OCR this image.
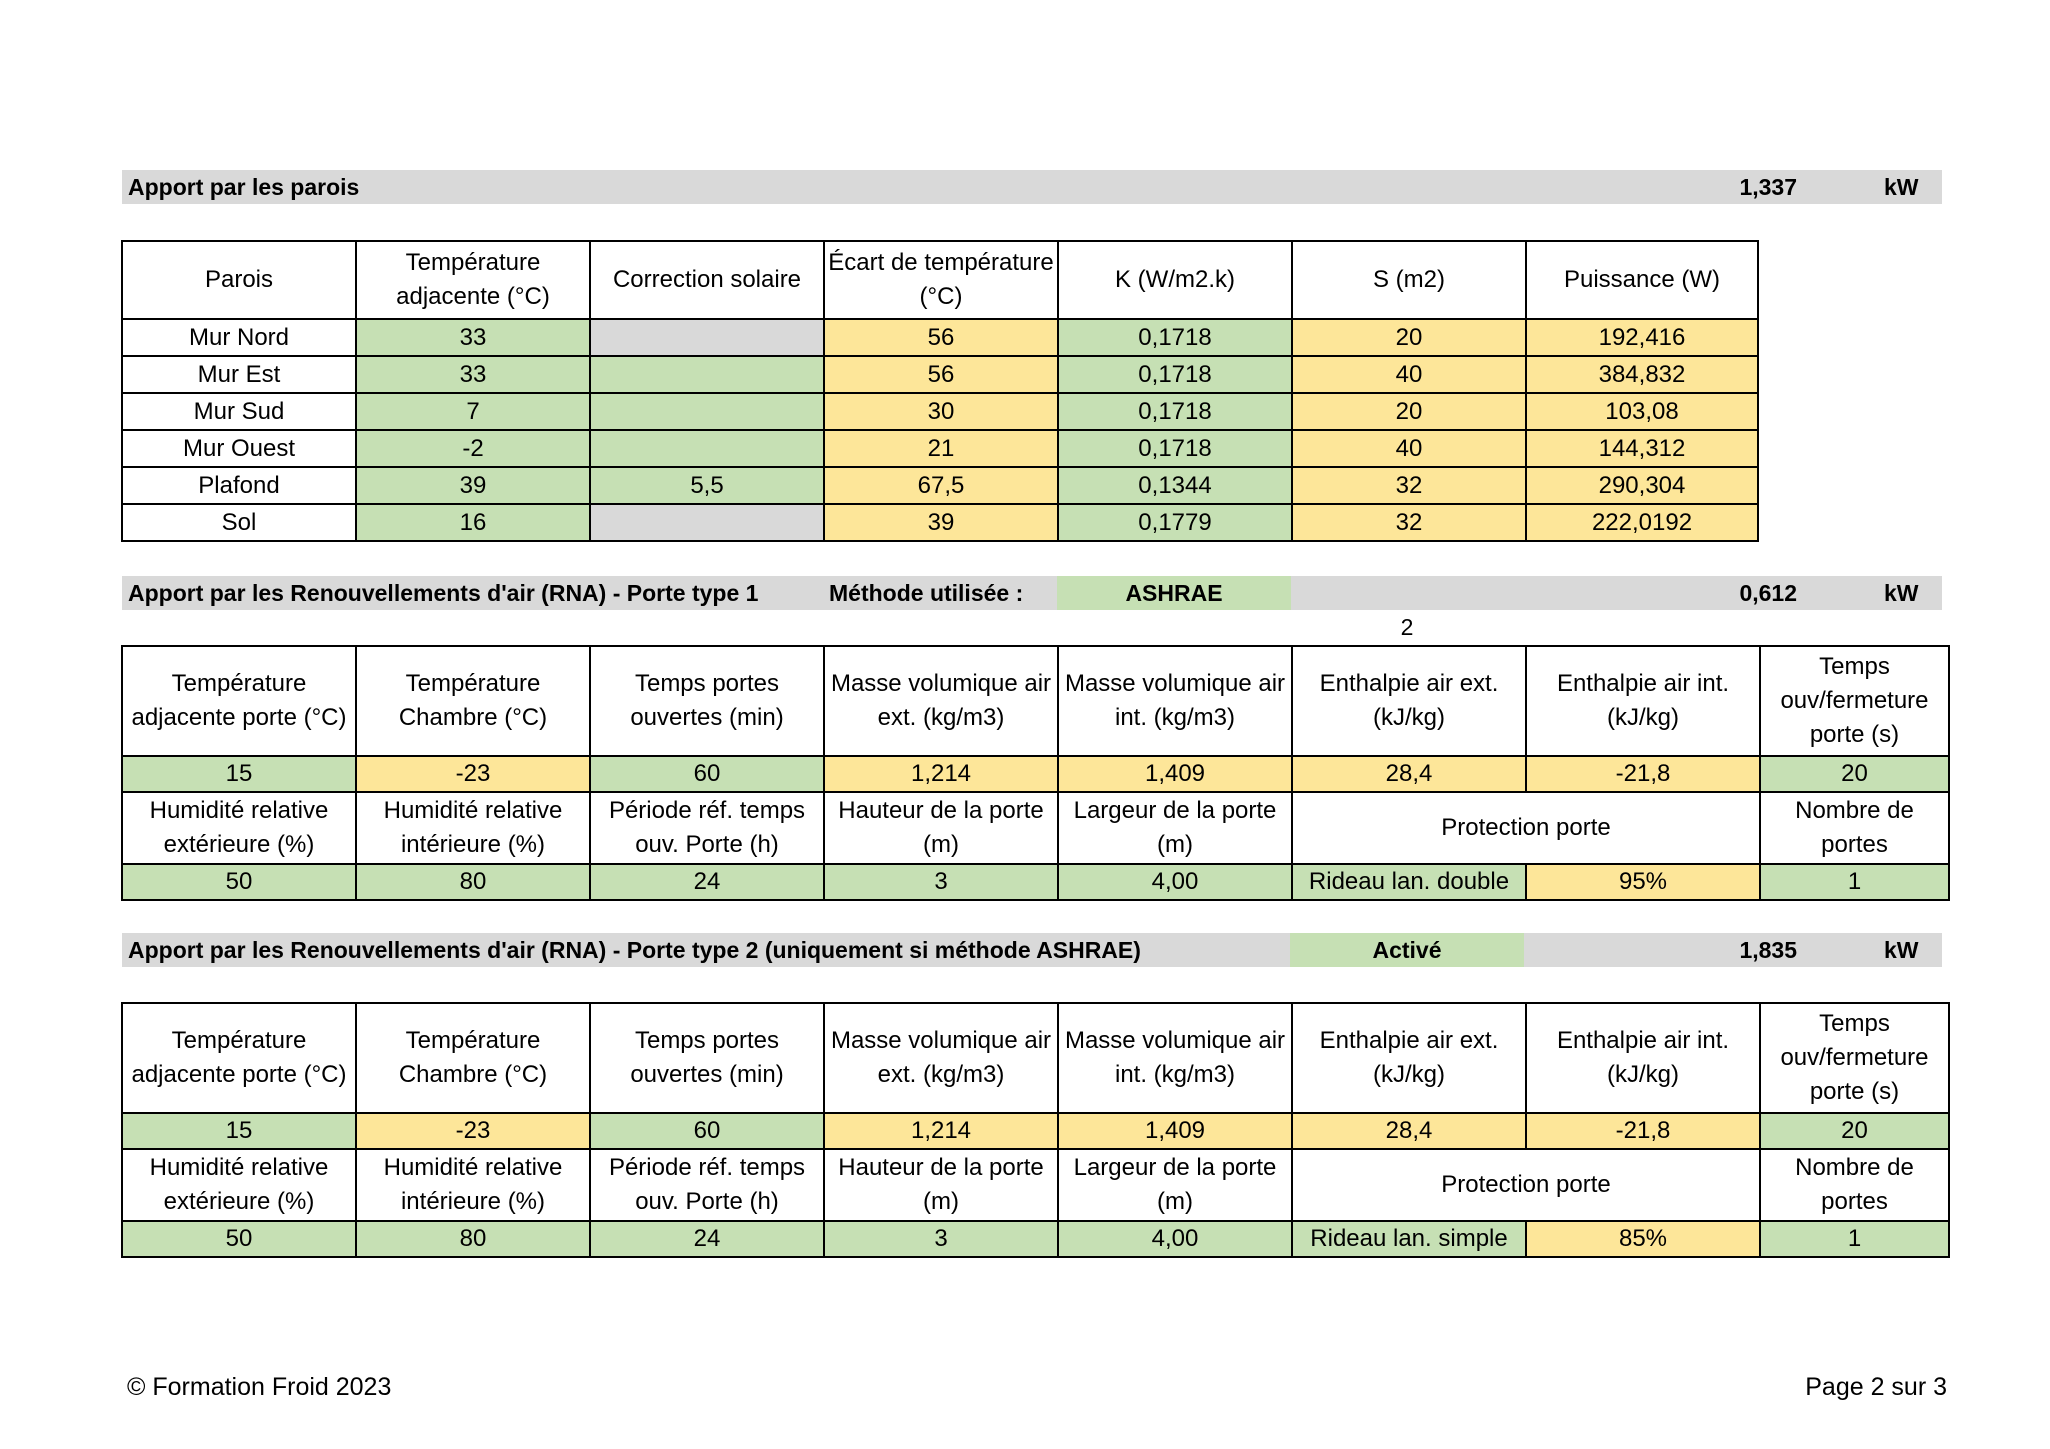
Apport par les parois	1,337	kW
Parois	Température adjacente (°C)	Correction solaire	Écart de température (°C)	K (W/m2.k)	S (m2)	Puissance (W)
Mur Nord	33		56	0,1718	20	192,416
Mur Est	33		56	0,1718	40	384,832
Mur Sud	7		30	0,1718	20	103,08
Mur Ouest	-2		21	0,1718	40	144,312
Plafond	39	5,5	67,5	0,1344	32	290,304
Sol	16		39	0,1779	32	222,0192
Apport par les Renouvellements d'air (RNA) - Porte type 1	Méthode utilisée :	ASHRAE	0,612	kW
2
Température adjacente porte (°C)	Température Chambre (°C)	Temps portes ouvertes (min)	Masse volumique air ext. (kg/m3)	Masse volumique air int. (kg/m3)	Enthalpie air ext. (kJ/kg)	Enthalpie air int. (kJ/kg)	Temps ouv/fermeture porte (s)
15	-23	60	1,214	1,409	28,4	-21,8	20
Humidité relative extérieure (%)	Humidité relative intérieure (%)	Période réf. temps ouv. Porte (h)	Hauteur de la porte (m)	Largeur de la porte (m)	Protection porte		Nombre de portes
50	80	24	3	4,00	Rideau lan. double	95%	1
Apport par les Renouvellements d'air (RNA) - Porte type 2 (uniquement si méthode ASHRAE)	Activé	1,835	kW
Température adjacente porte (°C)	Température Chambre (°C)	Temps portes ouvertes (min)	Masse volumique air ext. (kg/m3)	Masse volumique air int. (kg/m3)	Enthalpie air ext. (kJ/kg)	Enthalpie air int. (kJ/kg)	Temps ouv/fermeture porte (s)
15	-23	60	1,214	1,409	28,4	-21,8	20
Humidité relative extérieure (%)	Humidité relative intérieure (%)	Période réf. temps ouv. Porte (h)	Hauteur de la porte (m)	Largeur de la porte (m)	Protection porte		Nombre de portes
50	80	24	3	4,00	Rideau lan. simple	85%	1
© Formation Froid 2023	Page 2 sur 3
